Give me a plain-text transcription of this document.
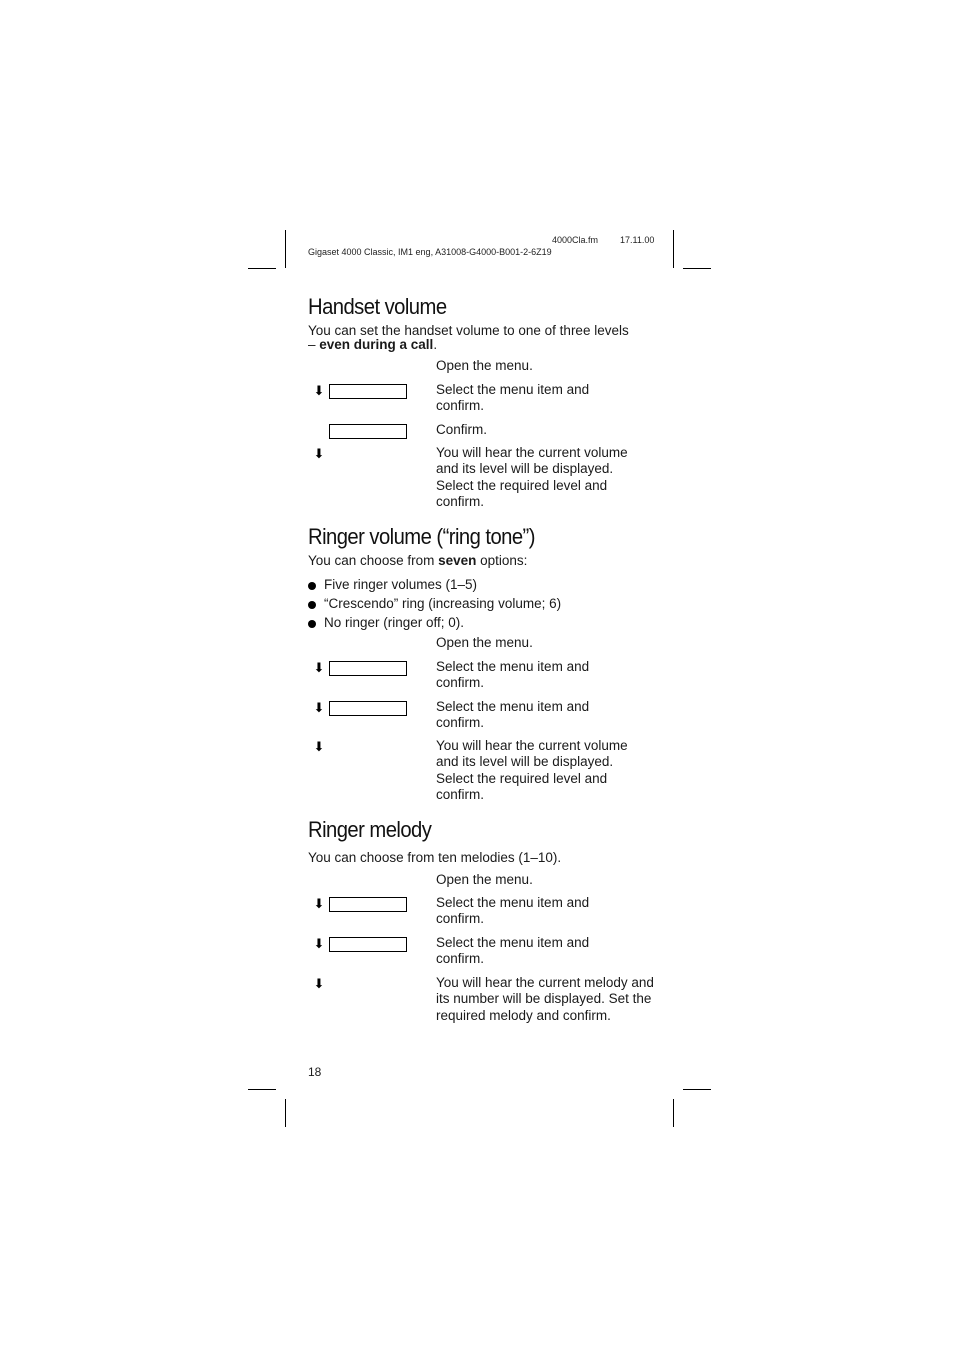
4000Cla.fm 17.11.00
Gigaset 4000 Classic, IM1 eng, A31008-G4000-B001-2-6Z19
Handset volume
You can set the handset volume to one of three levels – even during a call.
Open the menu.
⬇	Select the menu item and confirm.
Confirm.
⬇	You will hear the current volume and its level will be displayed. Select the required level and confirm.
Ringer volume (“ring tone”)
You can choose from seven options:
Five ringer volumes (1–5)
“Crescendo” ring (increasing volume; 6)
No ringer (ringer off; 0).
Open the menu.
⬇	Select the menu item and confirm.
⬇	Select the menu item and confirm.
⬇	You will hear the current volume and its level will be displayed. Select the required level and confirm.
Ringer melody
You can choose from ten melodies (1–10).
Open the menu.
⬇	Select the menu item and confirm.
⬇	Select the menu item and confirm.
⬇	You will hear the current melody and its number will be displayed. Set the required melody and confirm.
18
